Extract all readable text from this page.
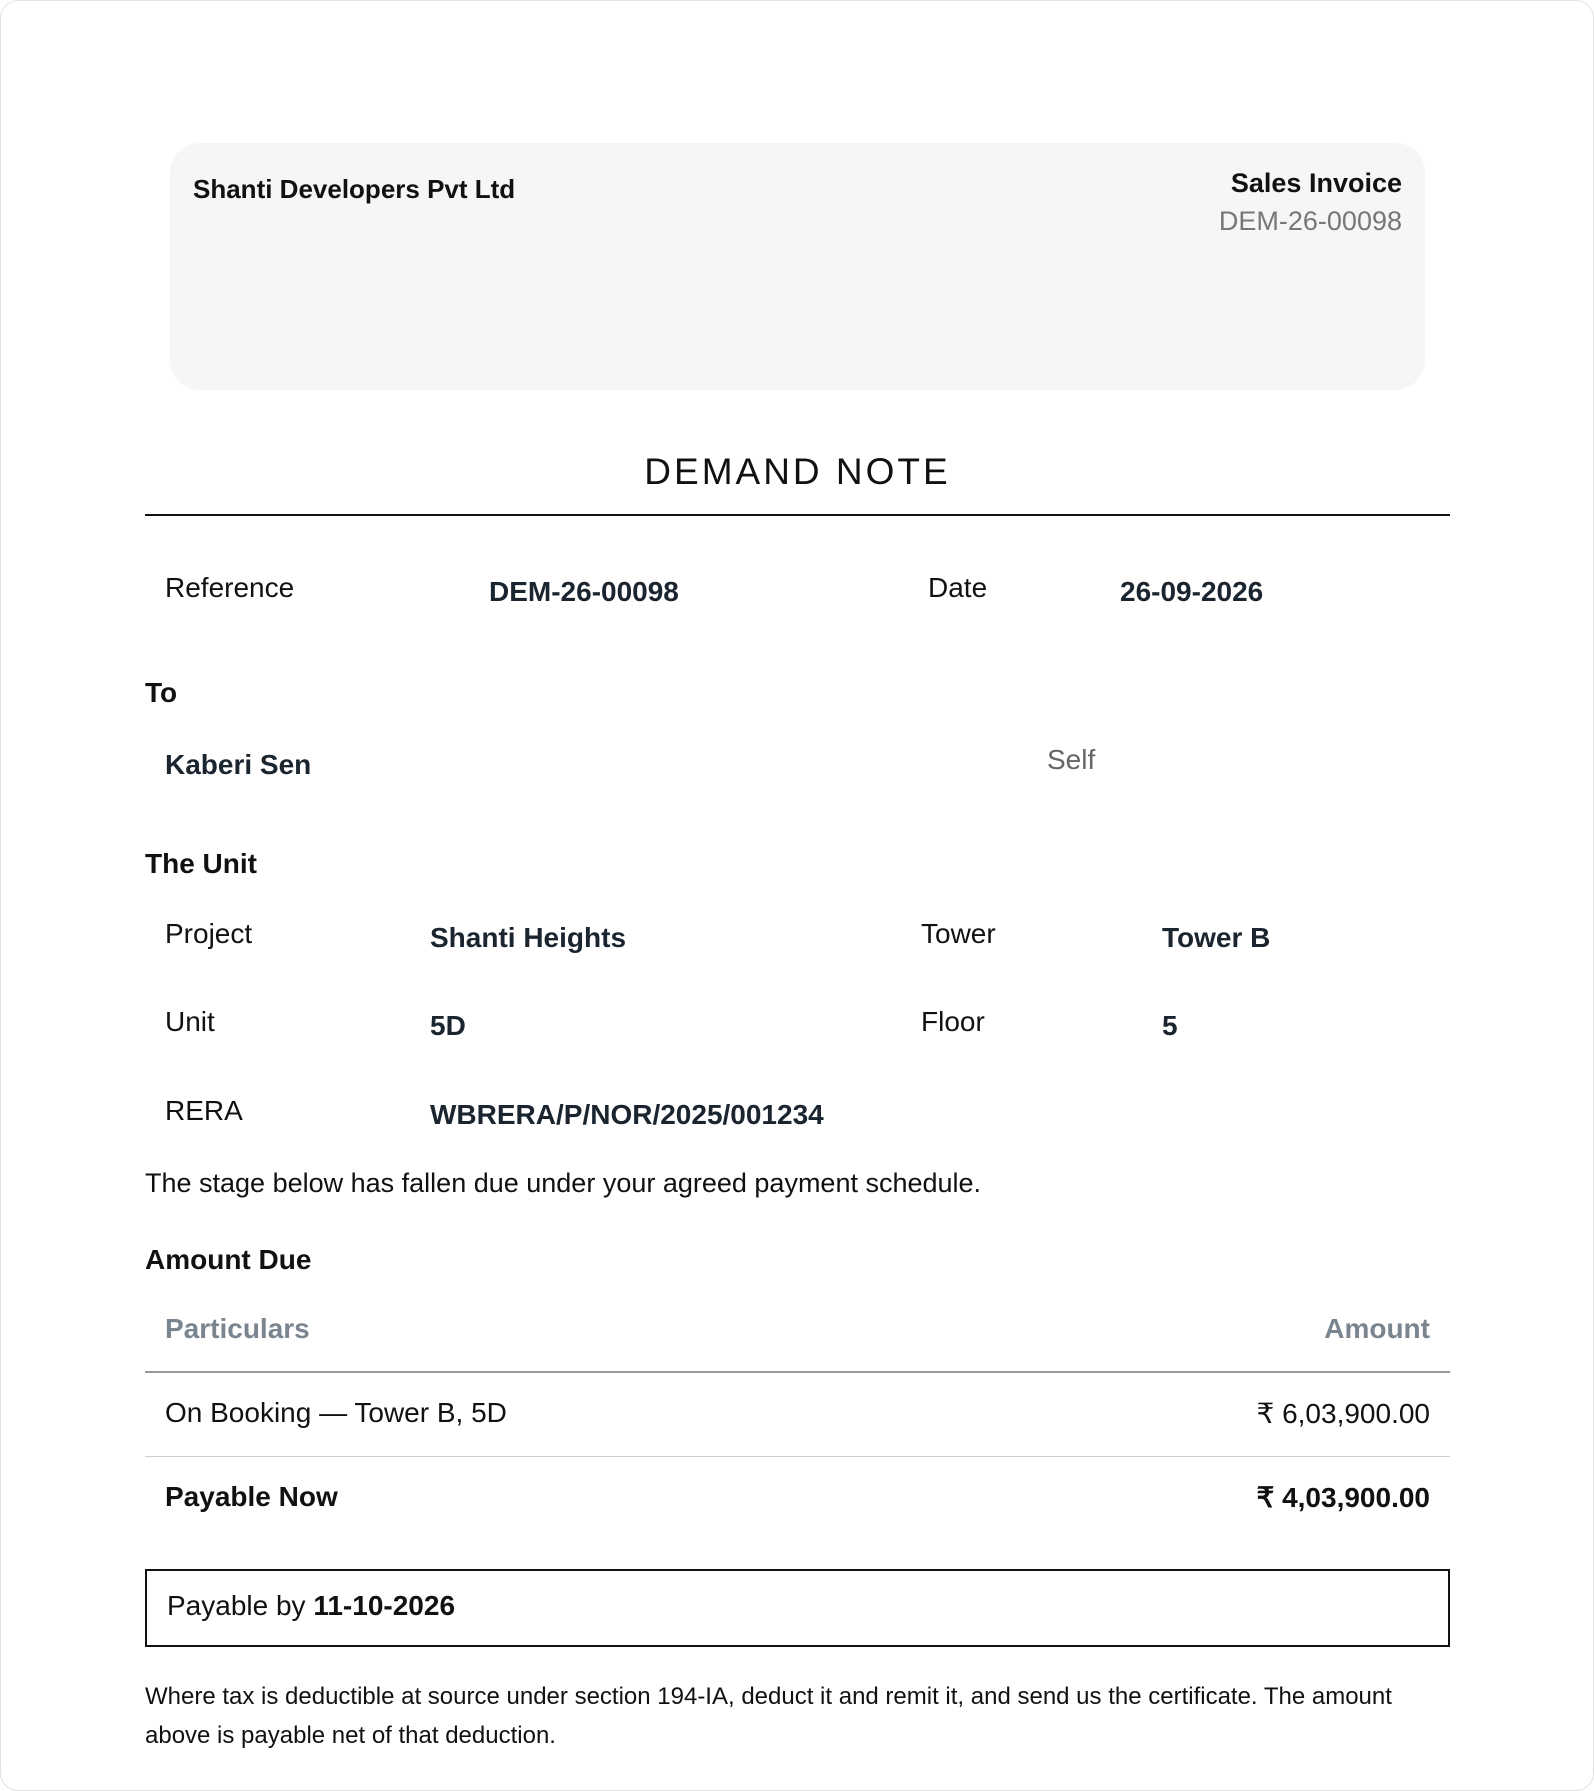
Shanti Developers Pvt Ltd	Sales Invoice
DEM-26-00098
DEMAND NOTE
Reference	DEM-26-00098	Date	26-09-2026
To
Kaberi Sen	Self
The Unit
Project	Shanti Heights	Tower	Tower B
Unit	5D	Floor	5
RERA	WBRERA/P/NOR/2025/001234
The stage below has fallen due under your agreed payment schedule.
Amount Due
Particulars	Amount
On Booking — Tower B, 5D	₹ 6,03,900.00
Payable Now	₹ 4,03,900.00
Payable by 11-10-2026
Where tax is deductible at source under section 194-IA, deduct it and remit it, and send us the certificate. The amount above is payable net of that deduction.
